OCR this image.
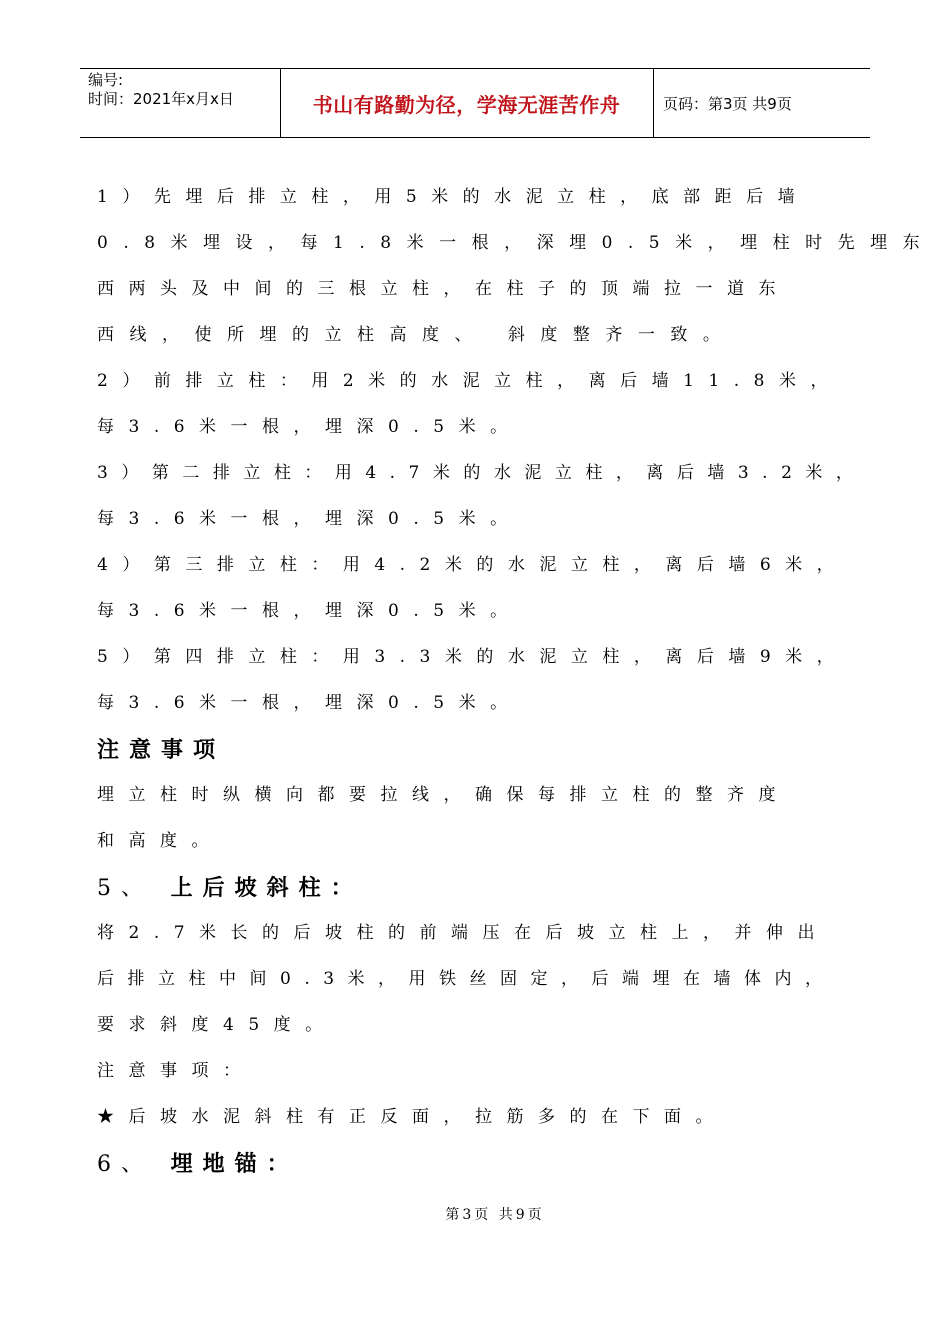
编号:
时间：2021年x月x日	书山有路勤为径，学海无涯苦作舟	页码：第3页 共9页
1）先埋后排立柱，用5米的水泥立柱，底部距后墙
0.8米埋设，每1.8米一根，深埋0.5米，埋柱时先埋东
西两头及中间的三根立柱，在柱子的顶端拉一道东
西线，使所埋的立柱高度、 斜度整齐一致。
2）前排立柱：用2米的水泥立柱，离后墙11.8米，
每3.6米一根，埋深0.5米。
3）第二排立柱：用4.7米的水泥立柱，离后墙3.2米，
每3.6米一根，埋深0.5米。
4）第三排立柱：用4.2米的水泥立柱，离后墙6米，
每3.6米一根，埋深0.5米。
5）第四排立柱：用3.3米的水泥立柱，离后墙9米，
每3.6米一根，埋深0.5米。
注意事项
埋立柱时纵横向都要拉线，确保每排立柱的整齐度
和高度。
5、 上后坡斜柱：
将2.7米长的后坡柱的前端压在后坡立柱上，并伸出
后排立柱中间0.3米，用铁丝固定，后端埋在墙体内，
要求斜度45度。
注意事项：
★后坡水泥斜柱有正反面，拉筋多的在下面。
6、 埋地锚：
第3页 共9页
